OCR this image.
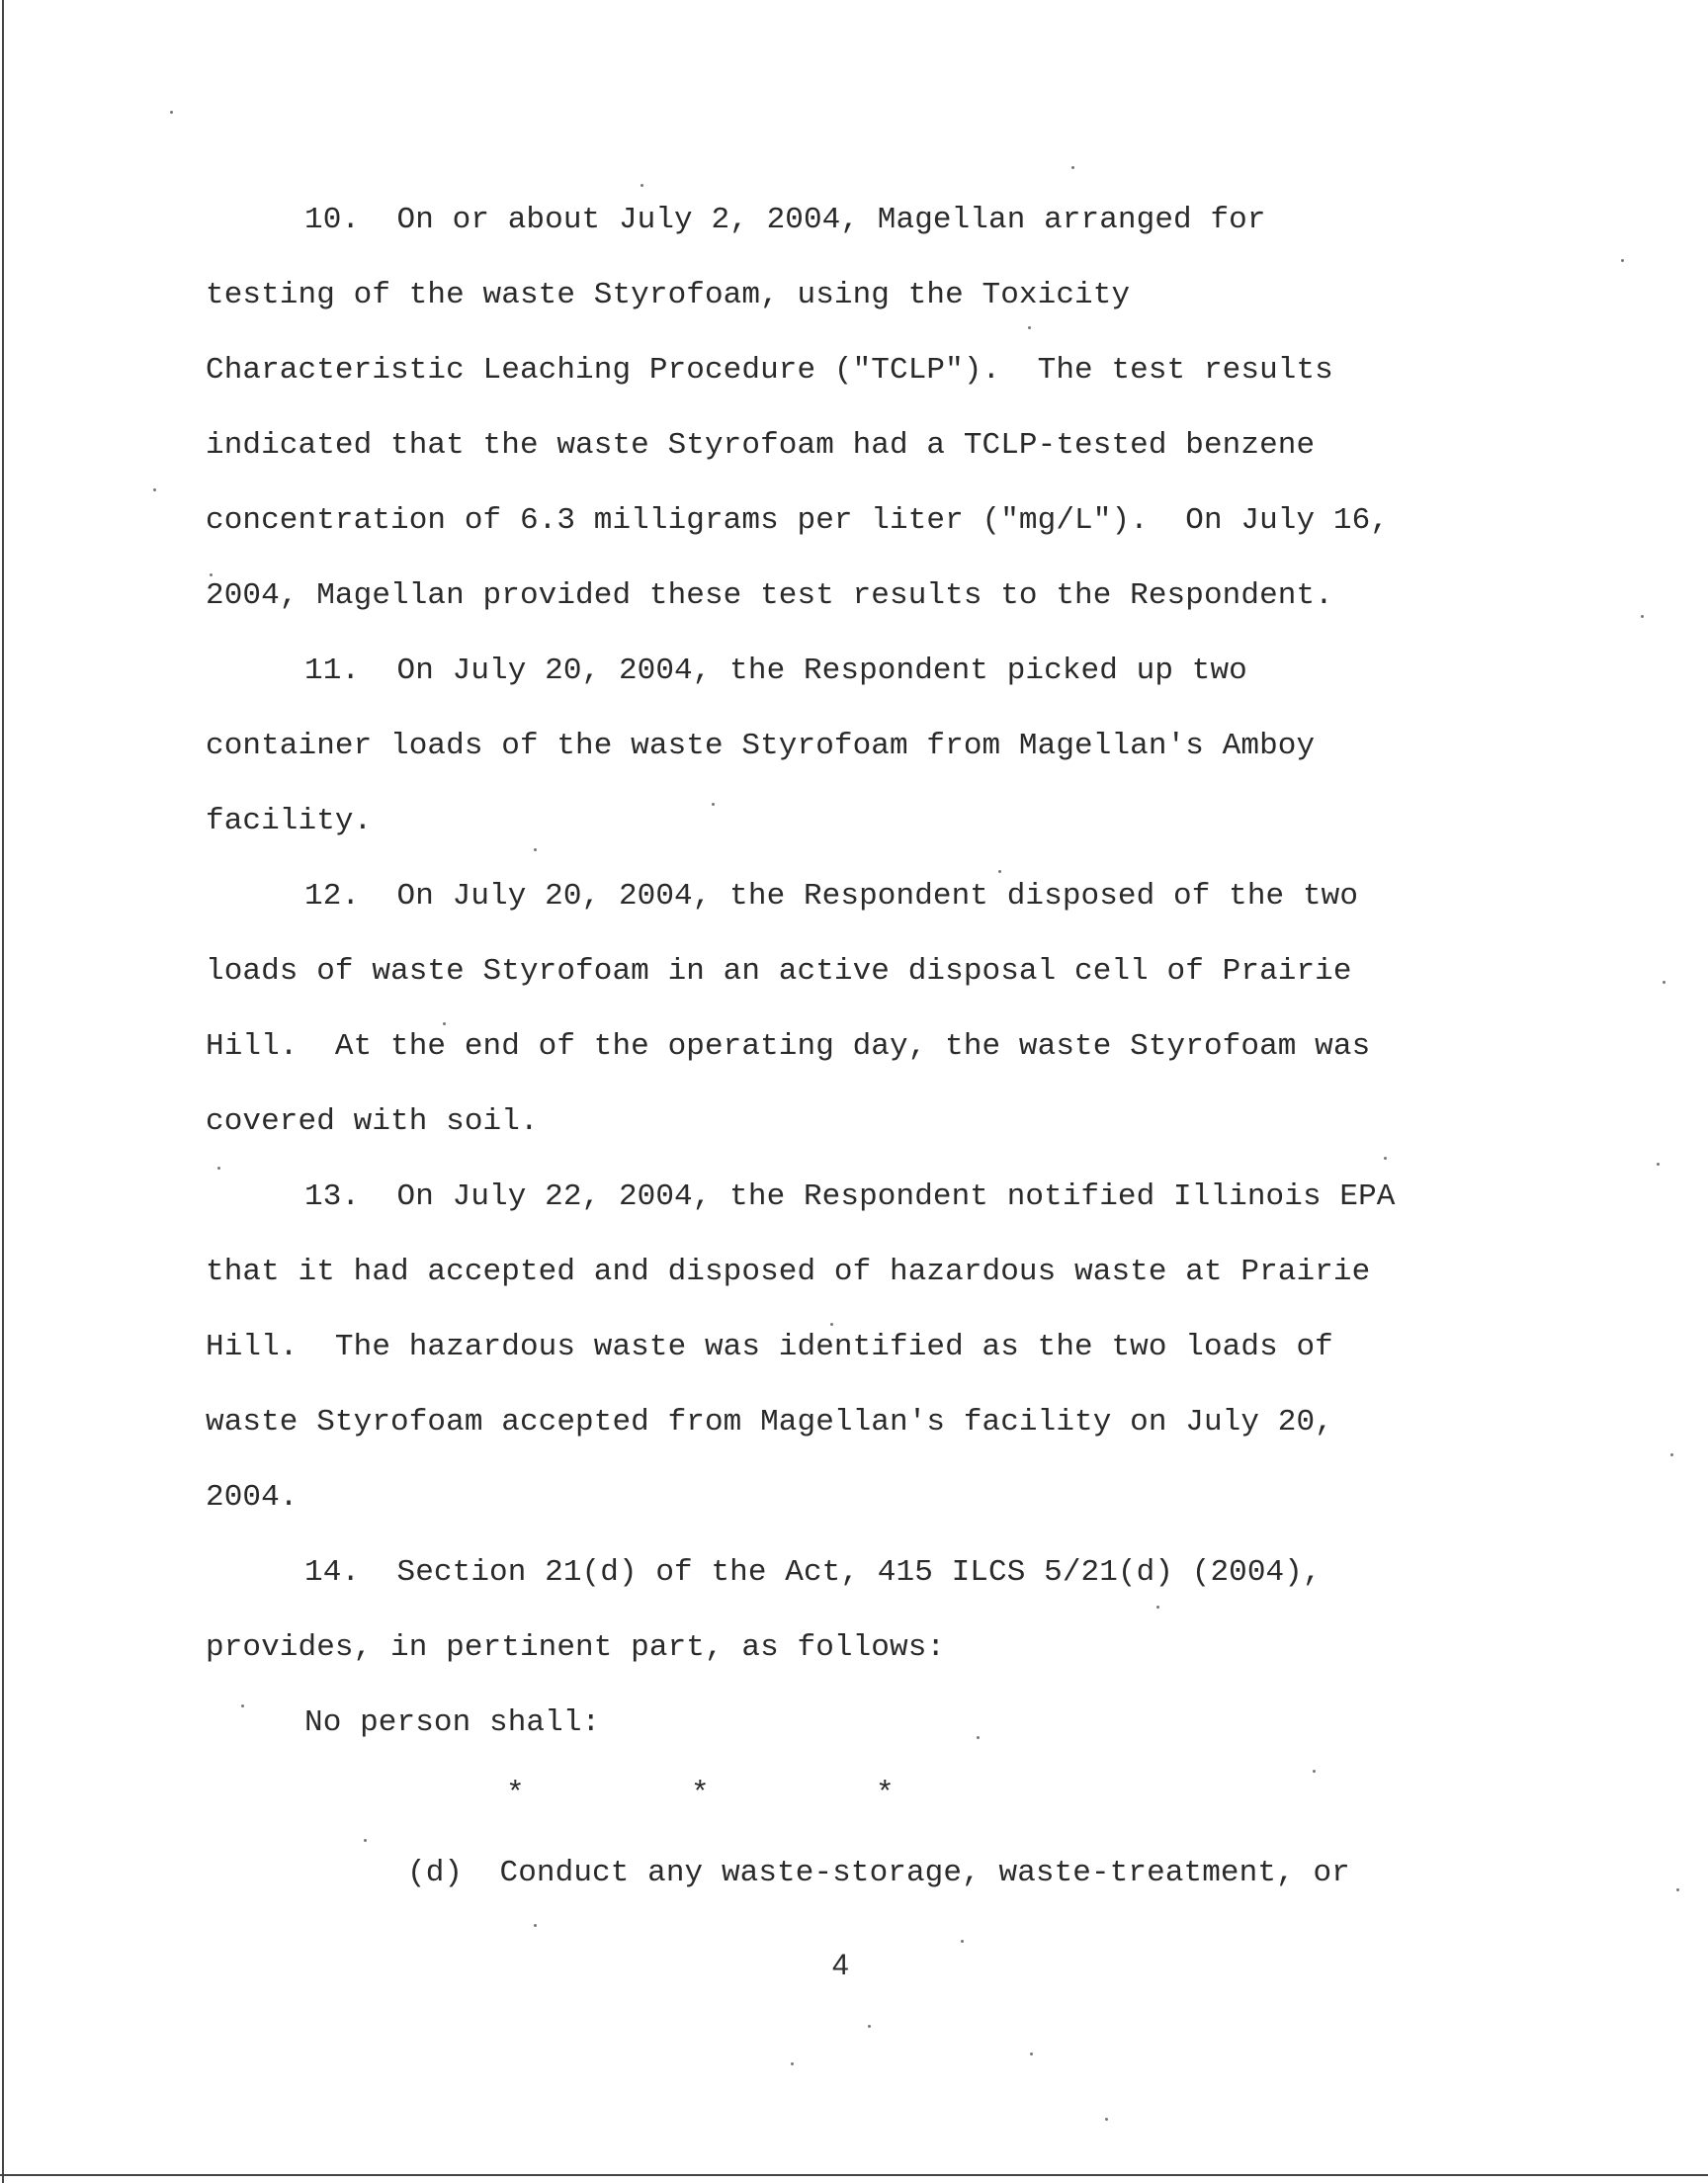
10.  On or about July 2, 2004, Magellan arranged for
testing of the waste Styrofoam, using the Toxicity
Characteristic Leaching Procedure ("TCLP").  The test results
indicated that the waste Styrofoam had a TCLP-tested benzene
concentration of 6.3 milligrams per liter ("mg/L").  On July 16,
2004, Magellan provided these test results to the Respondent.
11.  On July 20, 2004, the Respondent picked up two
container loads of the waste Styrofoam from Magellan's Amboy
facility.
12.  On July 20, 2004, the Respondent disposed of the two
loads of waste Styrofoam in an active disposal cell of Prairie
Hill.  At the end of the operating day, the waste Styrofoam was
covered with soil.
13.  On July 22, 2004, the Respondent notified Illinois EPA
that it had accepted and disposed of hazardous waste at Prairie
Hill.  The hazardous waste was identified as the two loads of
waste Styrofoam accepted from Magellan's facility on July 20,
2004.
14.  Section 21(d) of the Act, 415 ILCS 5/21(d) (2004),
provides, in pertinent part, as follows:
No person shall:
*         *         *
(d)  Conduct any waste-storage, waste-treatment, or
4
